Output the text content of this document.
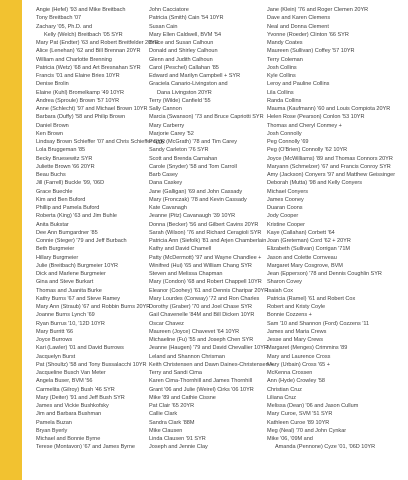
Angie (Hefel) '93 and Mike Breitbach
Tony Breitbach '07
Zachary '05, Ph.D. and
Kelly (Welch) Breitbach '05 SYR
Mary Pat (Endter) '63 and Robert Breitfelder 20YR
Alice (Lenehan) '62 and Bill Brennan 20YR
William and Charlotte Brenning
Patricia (Wetz) '68 and Art Bresnahan SYR
Francis '01 and Elaine Bries 10YR
Denise Brolin
Elaine (Kuhl) Bromelkamp '49 10YR
Andrea (Sproule) Brown '57 10YR
Anne (Schlecht) '97 and Michael Brown 10YR
Barbara (Duffy) '58 and Philip Brown
Daniel Brown
Ken Brown
Lindsay Brown Schieffer '07 and Chris Schieffer SYR
Lola Bruggeman '85
Becky Bruesewitz SYR
Juliette Brown '66 20YR
Beau Buchs
Jill (Farrell) Buckle '99, '06D
Grace Buechle
Kim and Ben Buford
Phillip and Pamela Buford
Roberta (King) '63 and Jim Buhle
Anita Bukstar
Dee Ann Bumgardner '85
Connie (Steger) '79 and Jeff Burbach
Beth Burgmeier
Hillary Burgmeier
Julie (Breitbach) Burgmeier 10YR
Dick and Marlene Burgmeier
Gina and Steve Burkart
Thomas and Juanita Burke
Kathy Burns '67 and Steve Ramey
Mary Ann (Straub) '67 and Robbin Burns 20YR
Joanne Burns Lynch '69
Ryan Burrus '10, '12D 10YR
Mary Burritt '66
Joyce Burrows
Kari (Lawler) '01 and David Burrows
Jacquelyn Burst
Pat (Shoultz) '58 and Tony Bussalacchi 10YR
Jacqueline Busch Van Meter
Angela Buser, BVM '56
Carmelita (Gilroy) Bush '46 SYR
Mary (Deiter) '91 and Jeff Bush SYR
James and Vickie Bushkofsky
Jim and Barbara Bushman
Pamela Buzan
Bryan Byerly
Michael and Bonnie Byrne
Terese (Montavon) '67 and James Byrne
John Cacciatore
Patricia (Smith) Cain '54 10YR
Susan Cain
Mary Ellen Caldwell, BVM '54
Bruce and Susan Calhoun
Donald and Shirley Calhoun
Glenn and Judith Calhoun
Carol (Peschel) Callahan '85
Edward and Marilyn Campbell + SYR
Graciela Canario-Livingston and
Dana Livingston 20YR
Terry (Wilde) Canfield '55
Sally Cannon
Marcia (Swanson) '73 and Bruce Capriotti SYR
Mary Carberry
Marjorie Carey '52
Peggy (McGrath) '78 and Tim Carey
Sandy Carleton '76 SYR
Scott and Brenda Carnahan
Carole (Snyder) '58 and Tom Carroll
Barb Casey
Dana Caskey
Jane (Galligan) '69 and John Cassady
Mary (Fronczak) '78 and Kevin Cassady
Kate Cavanagh
Jeanne (Pitz) Cavanaugh '39 10YR
Donna (Becker) '56 and Gilbert Cavins 20YR
Sarah (Wilson) '76 and Richard Ceragioli SYR
Patricia Ann (Siefolk) '81 and Arjen Chamberlain
Kathy and David Chamell
Patty (McDermott) '97 and Wayne Chandlee +
Winifred (Hui) '65 and William Chang SYR
Steven and Melissa Chapman
Mary (Condon) '68 and Robert Chappell 10YR
Eleanor (Coohey) '61 and Dennis Charipar 20YR
Mary Lourdes (Conway) '72 and Ron Charles
Dorothy (Graber) '70 and Joel Chase SYR
Gail Chavenelle '84M and Bill Dicken 10YR
Oscar Chavez
Maureen (Joyce) Chavevet '64 10YR
Michaeline (Fu) '55 and Joseph Chen SYR
Jeanne (Haugen) '79 and David Chevallier 10YR
Leland and Shannon Chrisman
Keith Christensen and Dawn Daines-Christensen +
Terry and Sandi Cima
Karen Cima-Thornhill and James Thornhill
Grant '06 and Julie (Weirel) Cirks '06 10YR
Mike '89 and Cathie Cissne
Pat Clair '65 20YR
Callie Clark
Sandra Clark '88M
Mike Clausen
Linda Clausen '91 SYR
Joseph and Jennie Clay
Jane (Klein) '76 and Roger Clemen 20YR
Dave and Karen Clemens
Neal and Donna Clement
Yvonne (Roeder) Clinton '66 SYR
Mandy Coates
Maureen (Sullivan) Coffey '57 10YR
Terry Coleman
Josh Collins
Kyle Collins
Leroy and Pauline Collins
Lila Collins
Randa Collins
Mauma (Kaufmann) '60 and Louis Compiota 20YR
Helen Rose (Pearson) Conlon '53 10YR
Thomas and Cheryl Conmey +
Josh Connolly
Peg Connolly '69
Peg (O'Brien) Connolly '62 10YR
Joyce (McWilliams) '89 and Thomas Connors 20YR
Maryann (Schmelzer) '67 and Francis Conroy SYR
Amy (Jackson) Conyers '97 and Matthew Geissinger
Deborah (Mutta) '98 and Kelly Conyers
Michael Conyers
James Cooney
Duaran Coons
Jody Cooper
Kristine Cooper
Kaye (Callahan) Corbett '64
Joan (Greteman) Cord '62 + 20YR
Elizabeth (Sullivan) Corrigan '71M
Jason and Colette Cornveau
Margaret Mary Cosgrove, BVM
Jean (Epperson) '78 and Dennis Coughlin SYR
Sharon Covey
Isaiah Cox
Patricia (Ramel) '61 and Robert Cox
Robert and Kristy Coyle
Bonnie Cozzens +
Sam '10 and Shannon (Ford) Cozzens '11
James and Maria Crews
Jesse and Mary Crews
Margaret (Menges) Crimmins '89
Mary and Laurence Cross
Mary (Urbain) Cross '65 +
McKenna Crossen
Ann (Hyde) Crowley '58
Christian Cruz
Liliana Cruz
Melissa (Dean) '06 and Jason Cullum
Mary Curoe, SVM '51 SYR
Kathleen Curoe '89 10YR
Meg (Neal) '70 and John Cynkar
Mike '06, '09M and
Amanda (Pennone) Cyze '01, '06D 10YR
